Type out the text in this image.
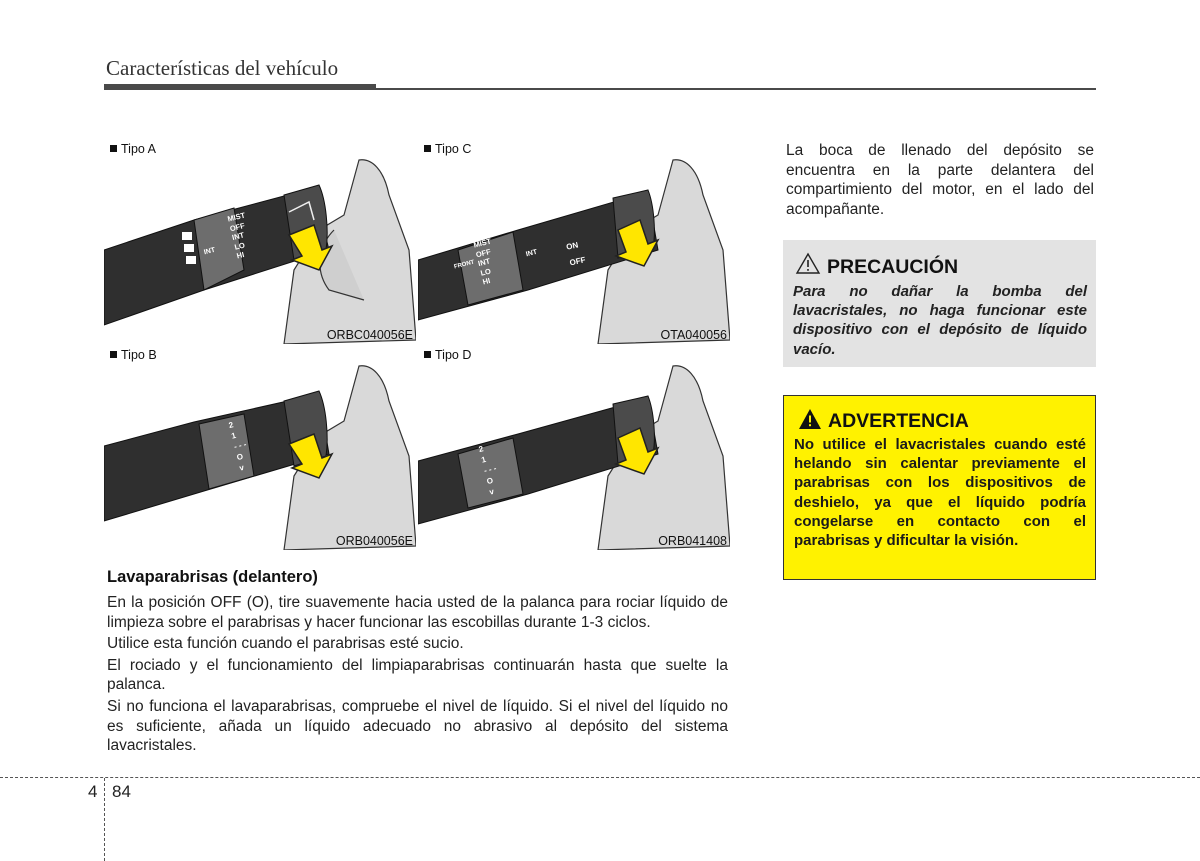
Características del vehículo
Tipo A
ORBC040056E
MIST
OFF
INT
LO
HI
INT
Tipo C
OTA040056
MIST
OFF
INT
LO
HI
FRONT
INT
ON
OFF
Tipo B
ORB040056E
2
1
- - -
O
v
Tipo D
ORB041408
2
1
- - -
O
v
Lavaparabrisas (delantero)

En la posición OFF (O), tire suavemente hacia usted de la palanca para rociar líquido de limpieza sobre el parabrisas y hacer funcionar las escobillas durante 1-3 ciclos.

Utilice esta función cuando el parabrisas esté sucio.

El rociado y el funcionamiento del limpiaparabrisas continuarán hasta que suelte la palanca.

Si no funciona el lavaparabrisas, compruebe el nivel de líquido. Si el nivel del líquido no es suficiente, añada un líquido adecuado no abrasivo al depósito del sistema lavacristales.

La boca de llenado del depósito se encuentra en la parte delantera del compartimiento del motor, en el lado del acompañante.
PRECAUCIÓN
Para no dañar la bomba del lavacristales, no haga funcionar este dispositivo con el depósito de líquido vacío.
ADVERTENCIA
No utilice el lavacristales cuando esté helando sin calentar previamente el parabrisas con los dispositivos de deshielo, ya que el líquido podría congelarse en contacto con el parabrisas y dificultar la visión.
4 84
